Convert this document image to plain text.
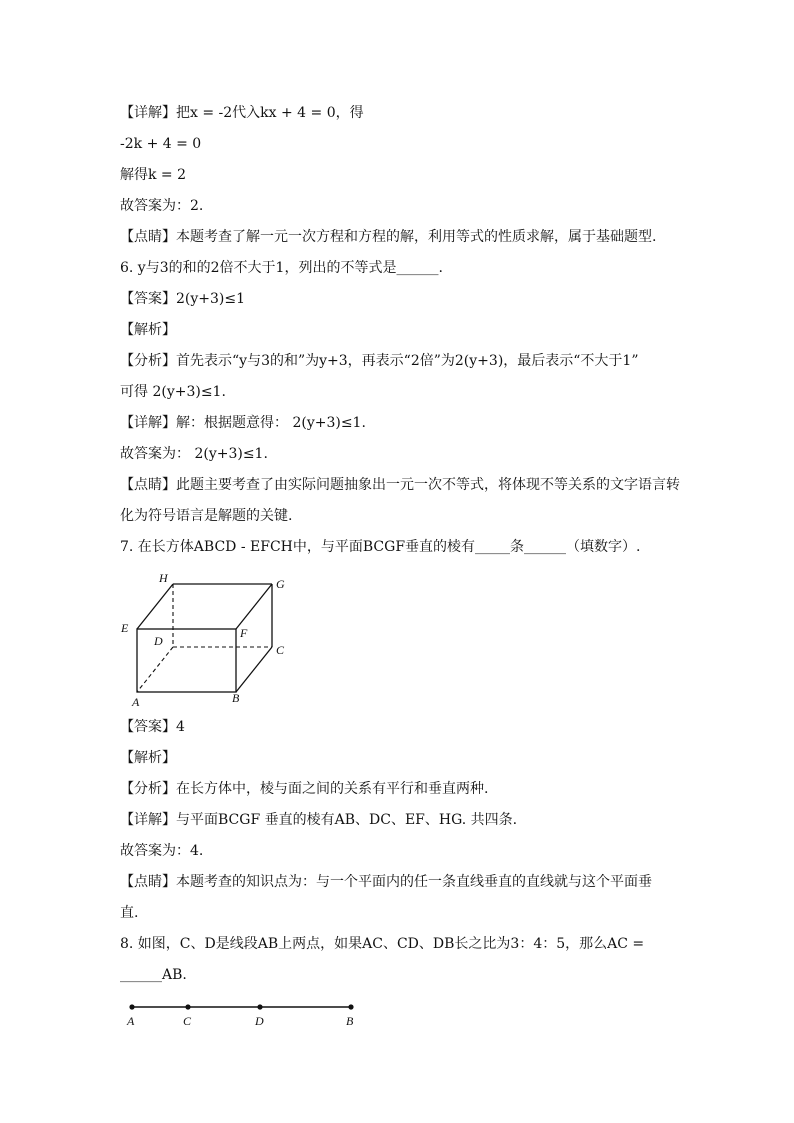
【详解】把x = -2代入kx + 4 = 0，得
-2k + 4 = 0
解得k = 2
故答案为：2.
【点睛】本题考查了解一元一次方程和方程的解，利用等式的性质求解，属于基础题型.
6. y与3的和的2倍不大于1，列出的不等式是______.
【答案】2(y+3)≤1
【解析】
【分析】首先表示“y与3的和”为y+3，再表示“2倍”为2(y+3)，最后表示“不大于1”
可得 2(y+3)≤1.
【详解】解：根据题意得： 2(y+3)≤1.
故答案为： 2(y+3)≤1.
【点睛】此题主要考查了由实际问题抽象出一元一次不等式，将体现不等关系的文字语言转
化为符号语言是解题的关键.
7. 在长方体ABCD - EFCH中，与平面BCGF垂直的棱有_____条______（填数字）.
H	G
E
D
F
C
A	B
【答案】4
【解析】
【分析】在长方体中，棱与面之间的关系有平行和垂直两种.
【详解】与平面BCGF 垂直的棱有AB、DC、EF、HG. 共四条.
故答案为：4.
【点睛】本题考查的知识点为：与一个平面内的任一条直线垂直的直线就与这个平面垂
直.
8. 如图，C、D是线段AB上两点，如果AC、CD、DB长之比为3：4：5，那么AC =
______AB.
A	C	D	B
